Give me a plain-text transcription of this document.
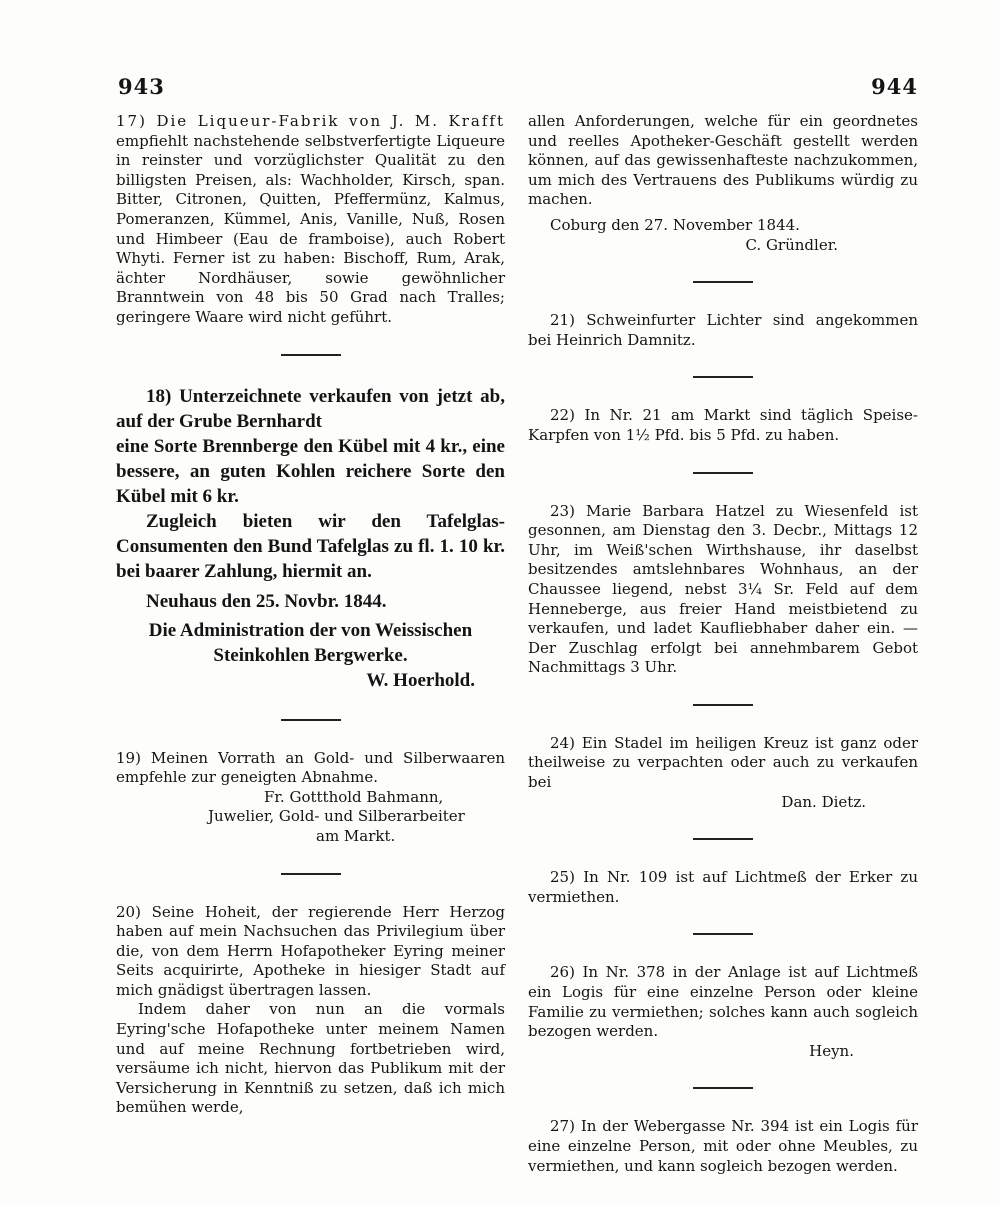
943	944

17) Die Liqueur-Fabrik von J. M. Krafft empfiehlt nachstehende selbstverfertigte Liqueure in reinster und vorzüglichster Qualität zu den billigsten Preisen, als: Wachholder, Kirsch, span. Bitter, Citronen, Quitten, Pfeffermünz, Kalmus, Pomeranzen, Kümmel, Anis, Vanille, Nuß, Rosen und Himbeer (Eau de framboise), auch Robert Whyti. Ferner ist zu haben: Bischoff, Rum, Arak, ächter Nordhäuser, sowie gewöhnlicher Branntwein von 48 bis 50 Grad nach Tralles; geringere Waare wird nicht geführt.

18) Unterzeichnete verkaufen von jetzt ab, auf der Grube Bernhardt

eine Sorte Brennberge den Kübel mit 4 kr., eine bessere, an guten Kohlen reichere Sorte den Kübel mit 6 kr.

Zugleich bieten wir den Tafelglas-Consumenten den Bund Tafelglas zu fl. 1. 10 kr. bei baarer Zahlung, hiermit an.

Neuhaus den 25. Novbr. 1844.

Die Administration der von Weissischen

Steinkohlen Bergwerke.

W. Hoerhold.

19) Meinen Vorrath an Gold- und Silberwaaren empfehle zur geneigten Abnahme.

Fr. Gottthold Bahmann,

Juwelier, Gold- und Silberarbeiter

am Markt.

20) Seine Hoheit, der regierende Herr Herzog haben auf mein Nachsuchen das Privilegium über die, von dem Herrn Hofapotheker Eyring meiner Seits acquirirte, Apotheke in hiesiger Stadt auf mich gnädigst übertragen lassen.

Indem daher von nun an die vormals Eyring'sche Hofapotheke unter meinem Namen und auf meine Rechnung fortbetrieben wird, versäume ich nicht, hiervon das Publikum mit der Versicherung in Kenntniß zu setzen, daß ich mich bemühen werde,

allen Anforderungen, welche für ein geordnetes und reelles Apotheker-Geschäft gestellt werden können, auf das gewissenhafteste nachzukommen, um mich des Vertrauens des Publikums würdig zu machen.

Coburg den 27. November 1844.

C. Gründler.

21) Schweinfurter Lichter sind angekommen bei Heinrich Damnitz.

22) In Nr. 21 am Markt sind täglich Speise-Karpfen von 1½ Pfd. bis 5 Pfd. zu haben.

23) Marie Barbara Hatzel zu Wiesenfeld ist gesonnen, am Dienstag den 3. Decbr., Mittags 12 Uhr, im Weiß'schen Wirthshause, ihr daselbst besitzendes amtslehnbares Wohnhaus, an der Chaussee liegend, nebst 3¼ Sr. Feld auf dem Henneberge, aus freier Hand meistbietend zu verkaufen, und ladet Kaufliebhaber daher ein. — Der Zuschlag erfolgt bei annehmbarem Gebot Nachmittags 3 Uhr.

24) Ein Stadel im heiligen Kreuz ist ganz oder theilweise zu verpachten oder auch zu verkaufen bei

Dan. Dietz.

25) In Nr. 109 ist auf Lichtmeß der Erker zu vermiethen.

26) In Nr. 378 in der Anlage ist auf Lichtmeß ein Logis für eine einzelne Person oder kleine Familie zu vermiethen; solches kann auch sogleich bezogen werden.

Heyn.

27) In der Webergasse Nr. 394 ist ein Logis für eine einzelne Person, mit oder ohne Meubles, zu vermiethen, und kann sogleich bezogen werden.
